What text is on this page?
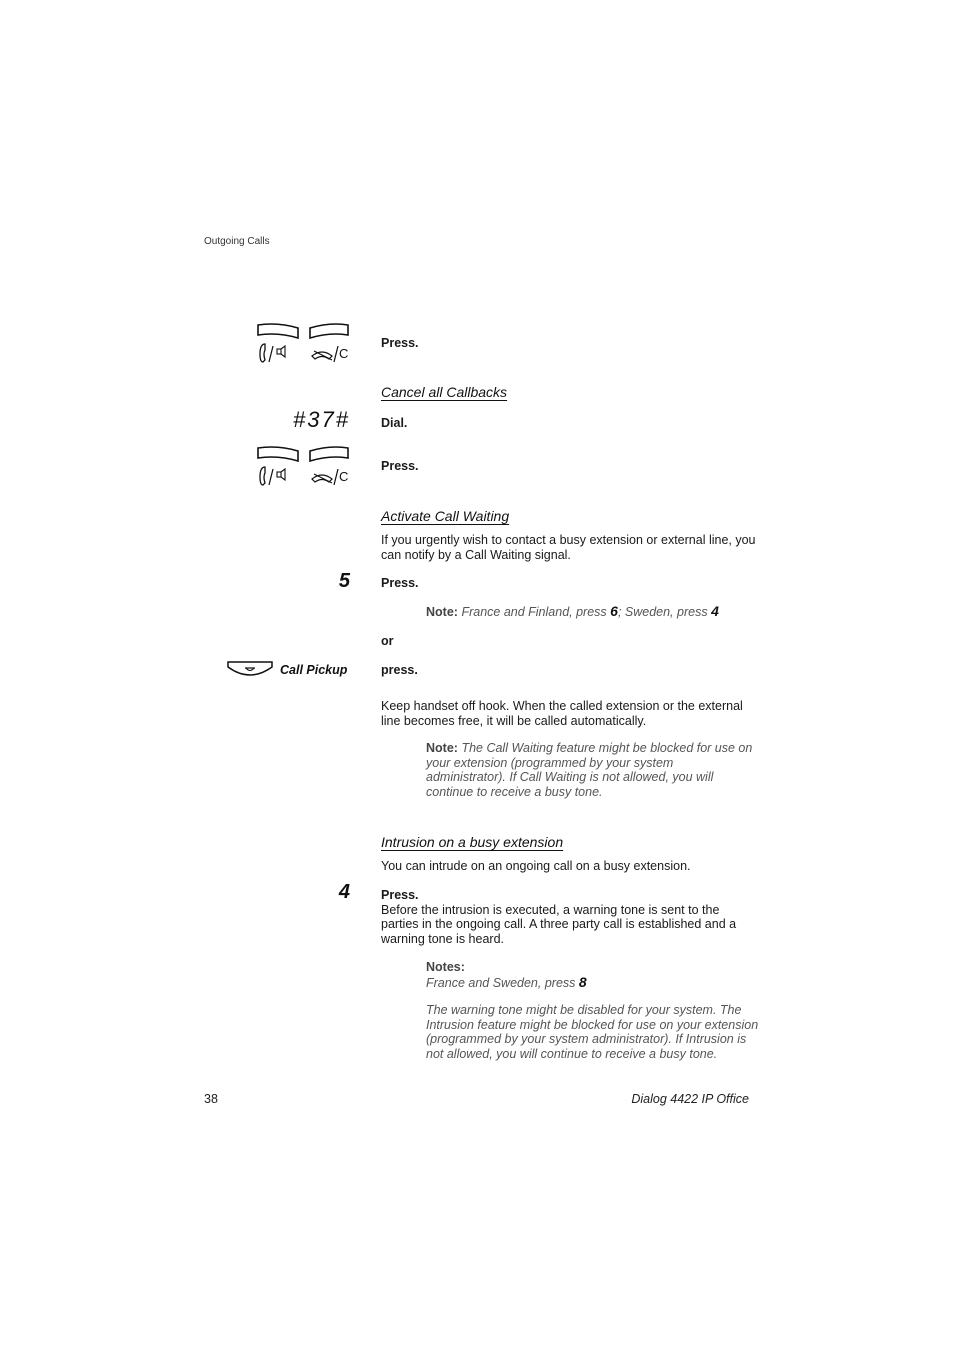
Outgoing Calls
C
Press.
Cancel all Callbacks
#37# Dial.
C
Press.
Activate Call Waiting
If you urgently wish to contact a busy extension or external line, you
can notify by a Call Waiting signal.
5 Press.
Note: France and Finland, press 6; Sweden, press 4
or
Call Pickup	press.
Keep handset off hook. When the called extension or the external
line becomes free, it will be called automatically.
Note: The Call Waiting feature might be blocked for use on
your extension (programmed by your system
administrator). If Call Waiting is not allowed, you will
continue to receive a busy tone.
Intrusion on a busy extension
You can intrude on an ongoing call on a busy extension.
4 Press.
Before the intrusion is executed, a warning tone is sent to the
parties in the ongoing call. A three party call is established and a
warning tone is heard.
Notes:
France and Sweden, press 8
The warning tone might be disabled for your system. The
Intrusion feature might be blocked for use on your extension
(programmed by your system administrator). If Intrusion is
not allowed, you will continue to receive a busy tone.
38	Dialog 4422 IP Office
